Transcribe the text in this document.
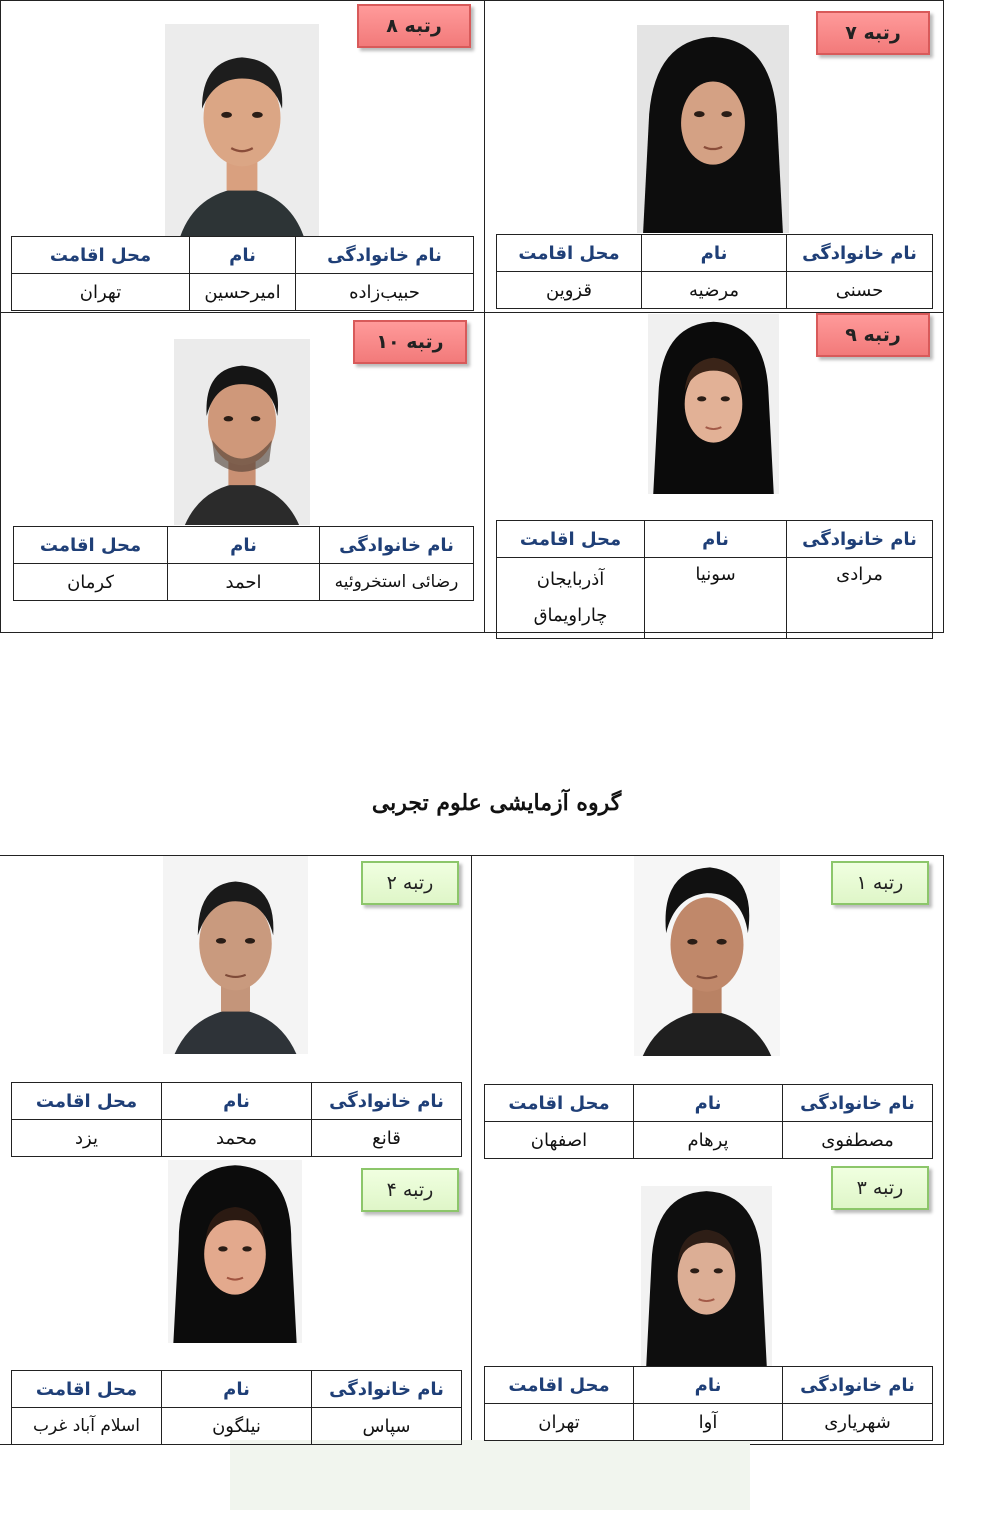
رتبه ۸
نام خانوادگی	نام	محل اقامت
حبیب‌زاده	امیرحسین	تهران
رتبه ۷
نام خانوادگی	نام	محل اقامت
حسنی	مرضیه	قزوین
رتبه ۱۰
نام خانوادگی	نام	محل اقامت
رضائی استخروئیه	احمد	کرمان
رتبه ۹
نام خانوادگی	نام	محل اقامت
مرادی	سونیا	آذربایجان چاراویماق
گروه آزمایشی علوم تجربی
رتبه ۲
نام خانوادگی	نام	محل اقامت
قانع	محمد	یزد
رتبه ۱
نام خانوادگی	نام	محل اقامت
مصطفوی	پرهام	اصفهان
رتبه ۴
نام خانوادگی	نام	محل اقامت
سپاس	نیلگون	اسلام آباد غرب
رتبه ۳
نام خانوادگی	نام	محل اقامت
شهریاری	آوا	تهران
